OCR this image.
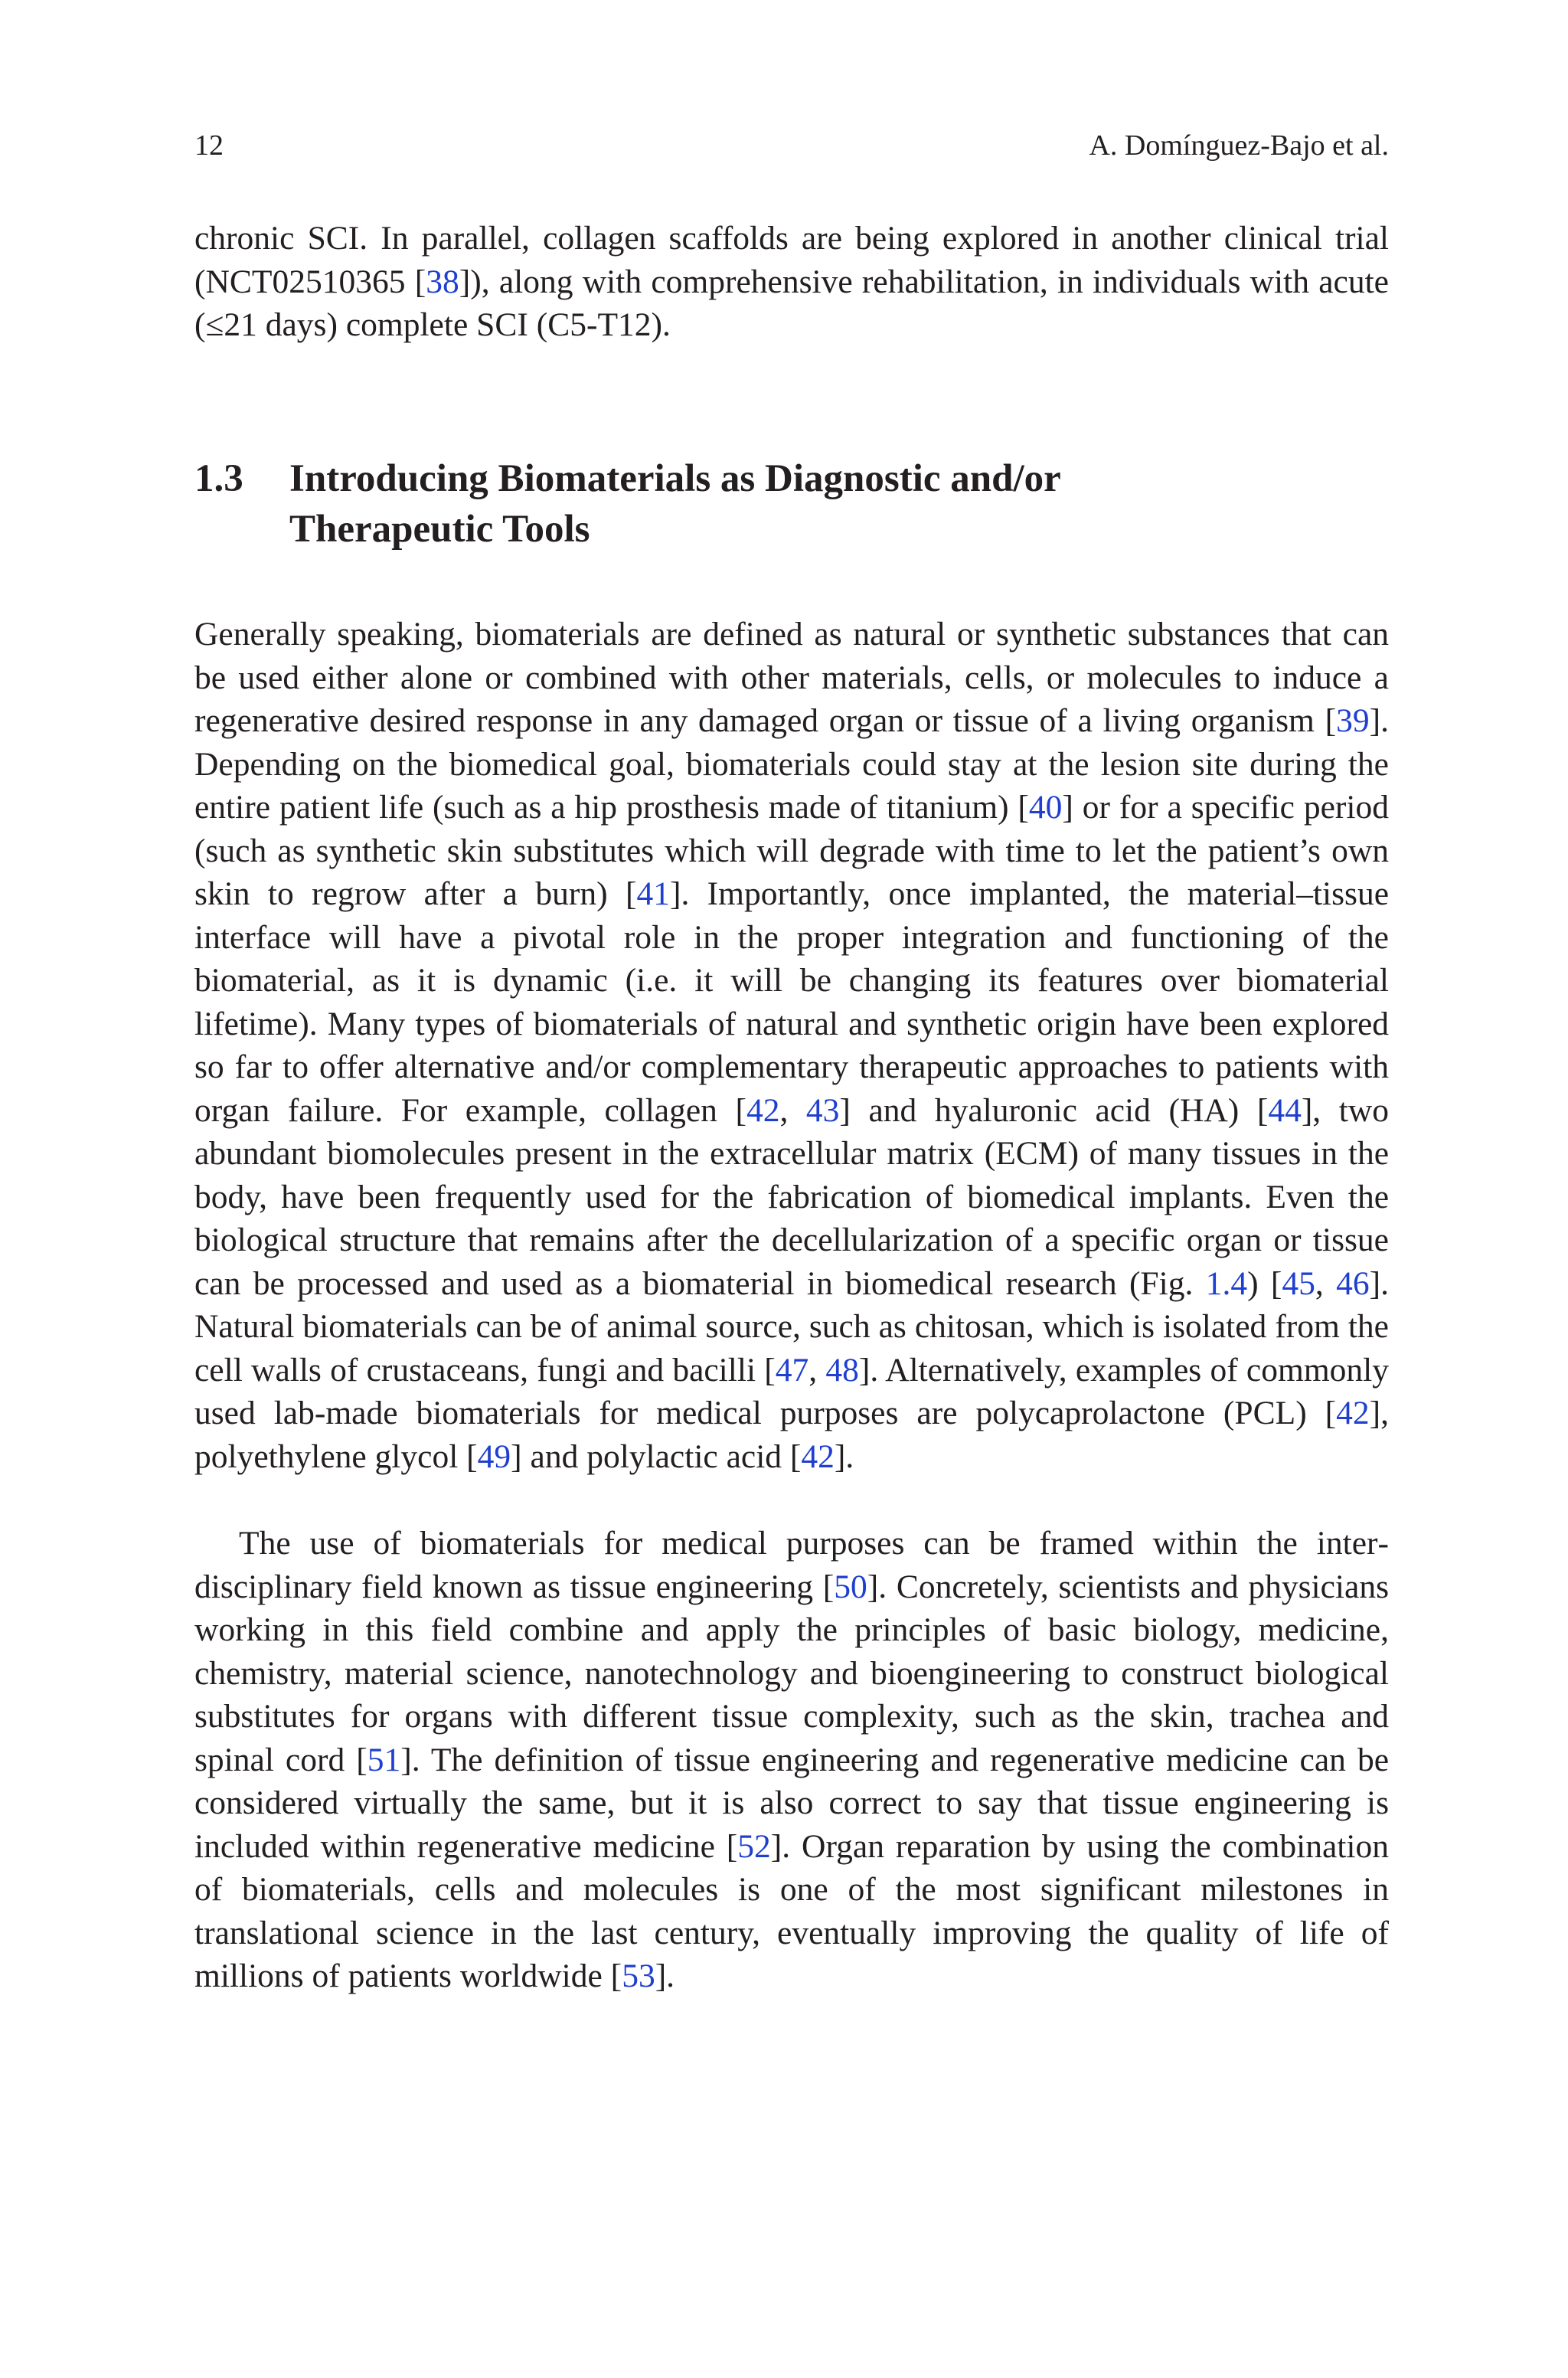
12	A. Domínguez-Bajo et al.

chronic SCI. In parallel, collagen scaffolds are being explored in another clinical trial (NCT02510365 [38]), along with comprehensive rehabilitation, in individuals with acute (≤21 days) complete SCI (C5-T12).

1.3 Introducing Biomaterials as Diagnostic and/or
Therapeutic Tools

Generally speaking, biomaterials are defined as natural or synthetic substances that can be used either alone or combined with other materials, cells, or molecules to induce a regenerative desired response in any damaged organ or tissue of a living organism [39]. Depending on the biomedical goal, biomaterials could stay at the lesion site during the entire patient life (such as a hip prosthesis made of titanium) [40] or for a specific period (such as synthetic skin substitutes which will degrade with time to let the patient’s own skin to regrow after a burn) [41]. Importantly, once implanted, the material–tissue interface will have a pivotal role in the proper integration and functioning of the biomaterial, as it is dynamic (i.e. it will be changing its features over biomaterial lifetime). Many types of biomaterials of natural and synthetic origin have been explored so far to offer alternative and/or complementary therapeutic approaches to patients with organ failure. For example, collagen [42, 43] and hyaluronic acid (HA) [44], two abundant biomolecules present in the extracellular matrix (ECM) of many tissues in the body, have been frequently used for the fabrication of biomedical implants. Even the biological structure that remains after the decellularization of a specific organ or tissue can be processed and used as a biomaterial in biomedical research (Fig. 1.4) [45, 46]. Natural biomaterials can be of animal source, such as chitosan, which is isolated from the cell walls of crustaceans, fungi and bacilli [47, 48]. Alternatively, examples of commonly used lab-made biomaterials for medical purposes are polycaprolactone (PCL) [42], polyethylene glycol [49] and polylactic acid [42].

The use of biomaterials for medical purposes can be framed within the interdisciplinary field known as tissue engineering [50]. Concretely, scientists and physicians working in this field combine and apply the principles of basic biology, medicine, chemistry, material science, nanotechnology and bioengineering to construct biological substitutes for organs with different tissue complexity, such as the skin, trachea and spinal cord [51]. The definition of tissue engineering and regenerative medicine can be considered virtually the same, but it is also correct to say that tissue engineering is included within regenerative medicine [52]. Organ reparation by using the combination of biomaterials, cells and molecules is one of the most significant milestones in translational science in the last century, eventually improving the quality of life of millions of patients worldwide [53].
